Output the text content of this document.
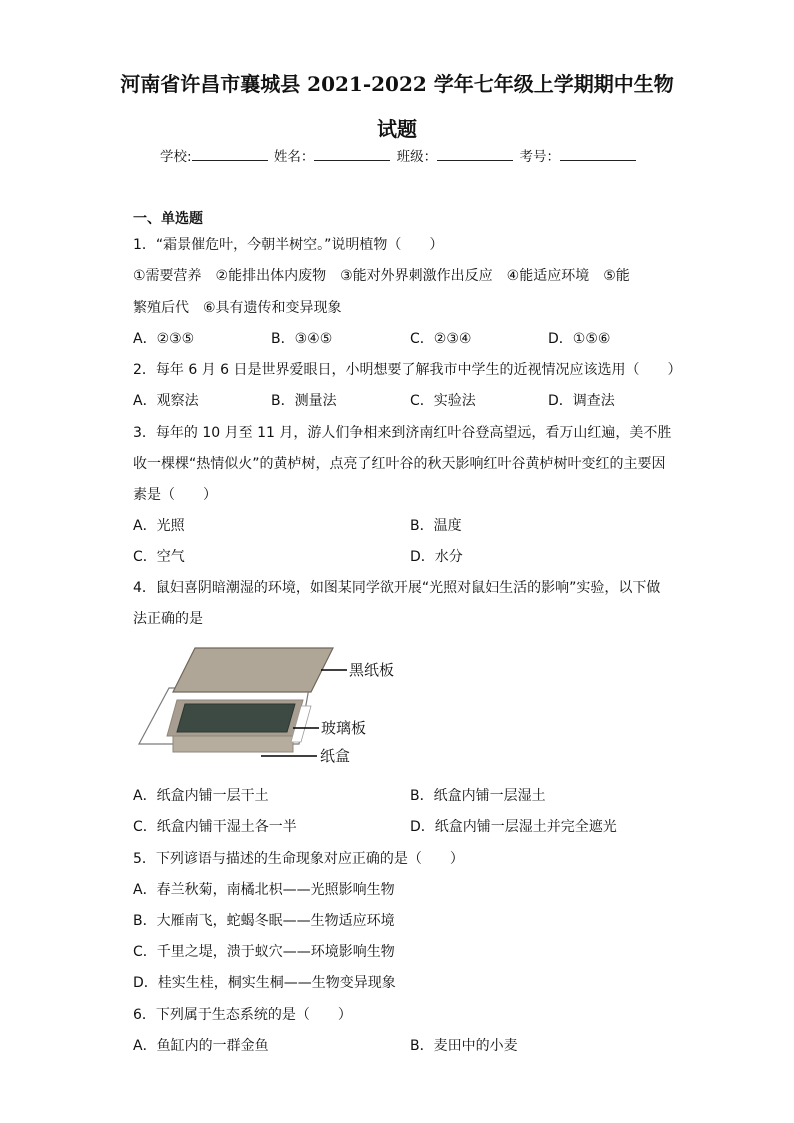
河南省许昌市襄城县 2021-2022 学年七年级上学期期中生物
试题
学校:	姓名：	班级：	考号：
一、单选题
1．“霜景催危叶，今朝半树空。”说明植物（　　）
①需要营养　②能排出体内废物　③能对外界刺激作出反应　④能适应环境　⑤能
繁殖后代　⑥具有遗传和变异现象
A．②③⑤	B．③④⑤	C．②③④	D．①⑤⑥
2．每年 6 月 6 日是世界爱眼日，小明想要了解我市中学生的近视情况应该选用（　　）
A．观察法	B．测量法	C．实验法	D．调查法
3．每年的 10 月至 11 月，游人们争相来到济南红叶谷登高望远，看万山红遍，美不胜
收一棵棵“热情似火”的黄栌树，点亮了红叶谷的秋天影响红叶谷黄栌树叶变红的主要因
素是（　　）
A．光照	B．温度
C．空气	D．水分
4．鼠妇喜阴暗潮湿的环境，如图某同学欲开展“光照对鼠妇生活的影响”实验，以下做
法正确的是
黑纸板
玻璃板
纸盒
A．纸盒内铺一层干土	B．纸盒内铺一层湿土
C．纸盒内铺干湿土各一半	D．纸盒内铺一层湿土并完全遮光
5．下列谚语与描述的生命现象对应正确的是（　　）
A．春兰秋菊，南橘北枳——光照影响生物
B．大雁南飞，蛇蝎冬眠——生物适应环境
C．千里之堤，溃于蚁穴——环境影响生物
D．桂实生桂，桐实生桐——生物变异现象
6．下列属于生态系统的是（　　）
A．鱼缸内的一群金鱼	B．麦田中的小麦
